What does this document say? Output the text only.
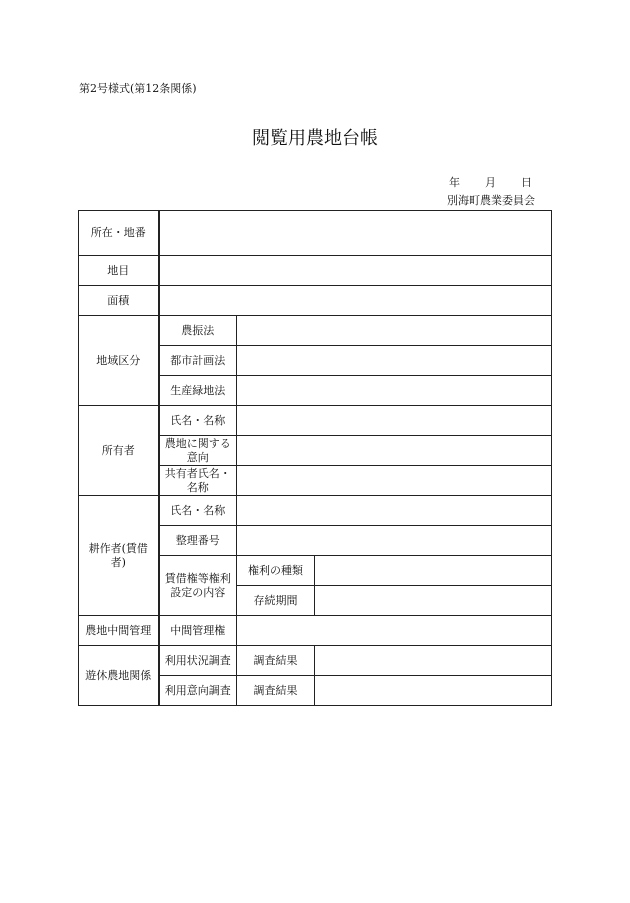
第2号様式(第12条関係)
閲覧用農地台帳
年 月 日
別海町農業委員会
所在・地番			
地目			
面積			
地域区分	農振法		
	都市計画法		
	生産緑地法		
所有者	氏名・名称		
	農地に関する意向		
	共有者氏名・名称		
耕作者(賃借者)	氏名・名称		
	整理番号		
	賃借権等権利設定の内容	権利の種類	
		存続期間	
農地中間管理	中間管理権		
遊休農地関係	利用状況調査	調査結果	
	利用意向調査	調査結果	
